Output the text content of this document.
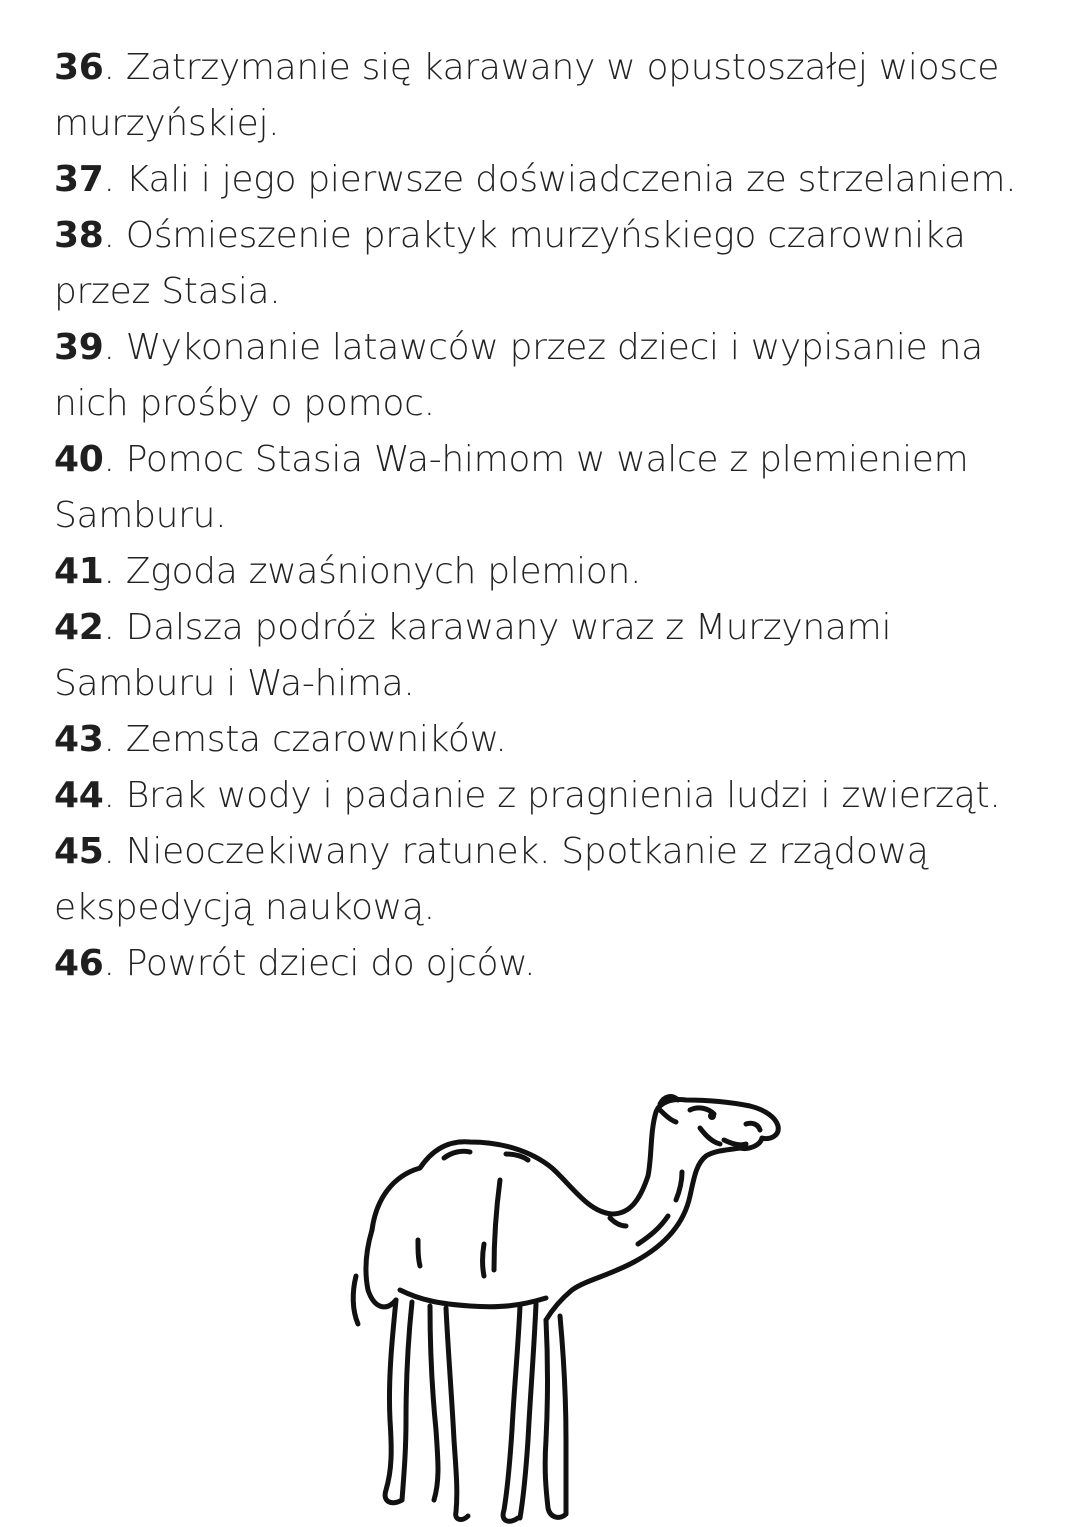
36. Zatrzymanie się karawany w opustoszałej wiosce murzyńskiej.
37. Kali i jego pierwsze doświadczenia ze strzelaniem.
38. Ośmieszenie praktyk murzyńskiego czarownika przez Stasia.
39. Wykonanie latawców przez dzieci i wypisanie na nich prośby o pomoc.
40. Pomoc Stasia Wa-himom w walce z plemieniem Samburu.
41. Zgoda zwaśnionych plemion.
42. Dalsza podróż karawany wraz z Murzynami Samburu i Wa-hima.
43. Zemsta czarowników.
44. Brak wody i padanie z pragnienia ludzi i zwierząt.
45. Nieoczekiwany ratunek. Spotkanie z rządową ekspedycją naukową.
46. Powrót dzieci do ojców.
